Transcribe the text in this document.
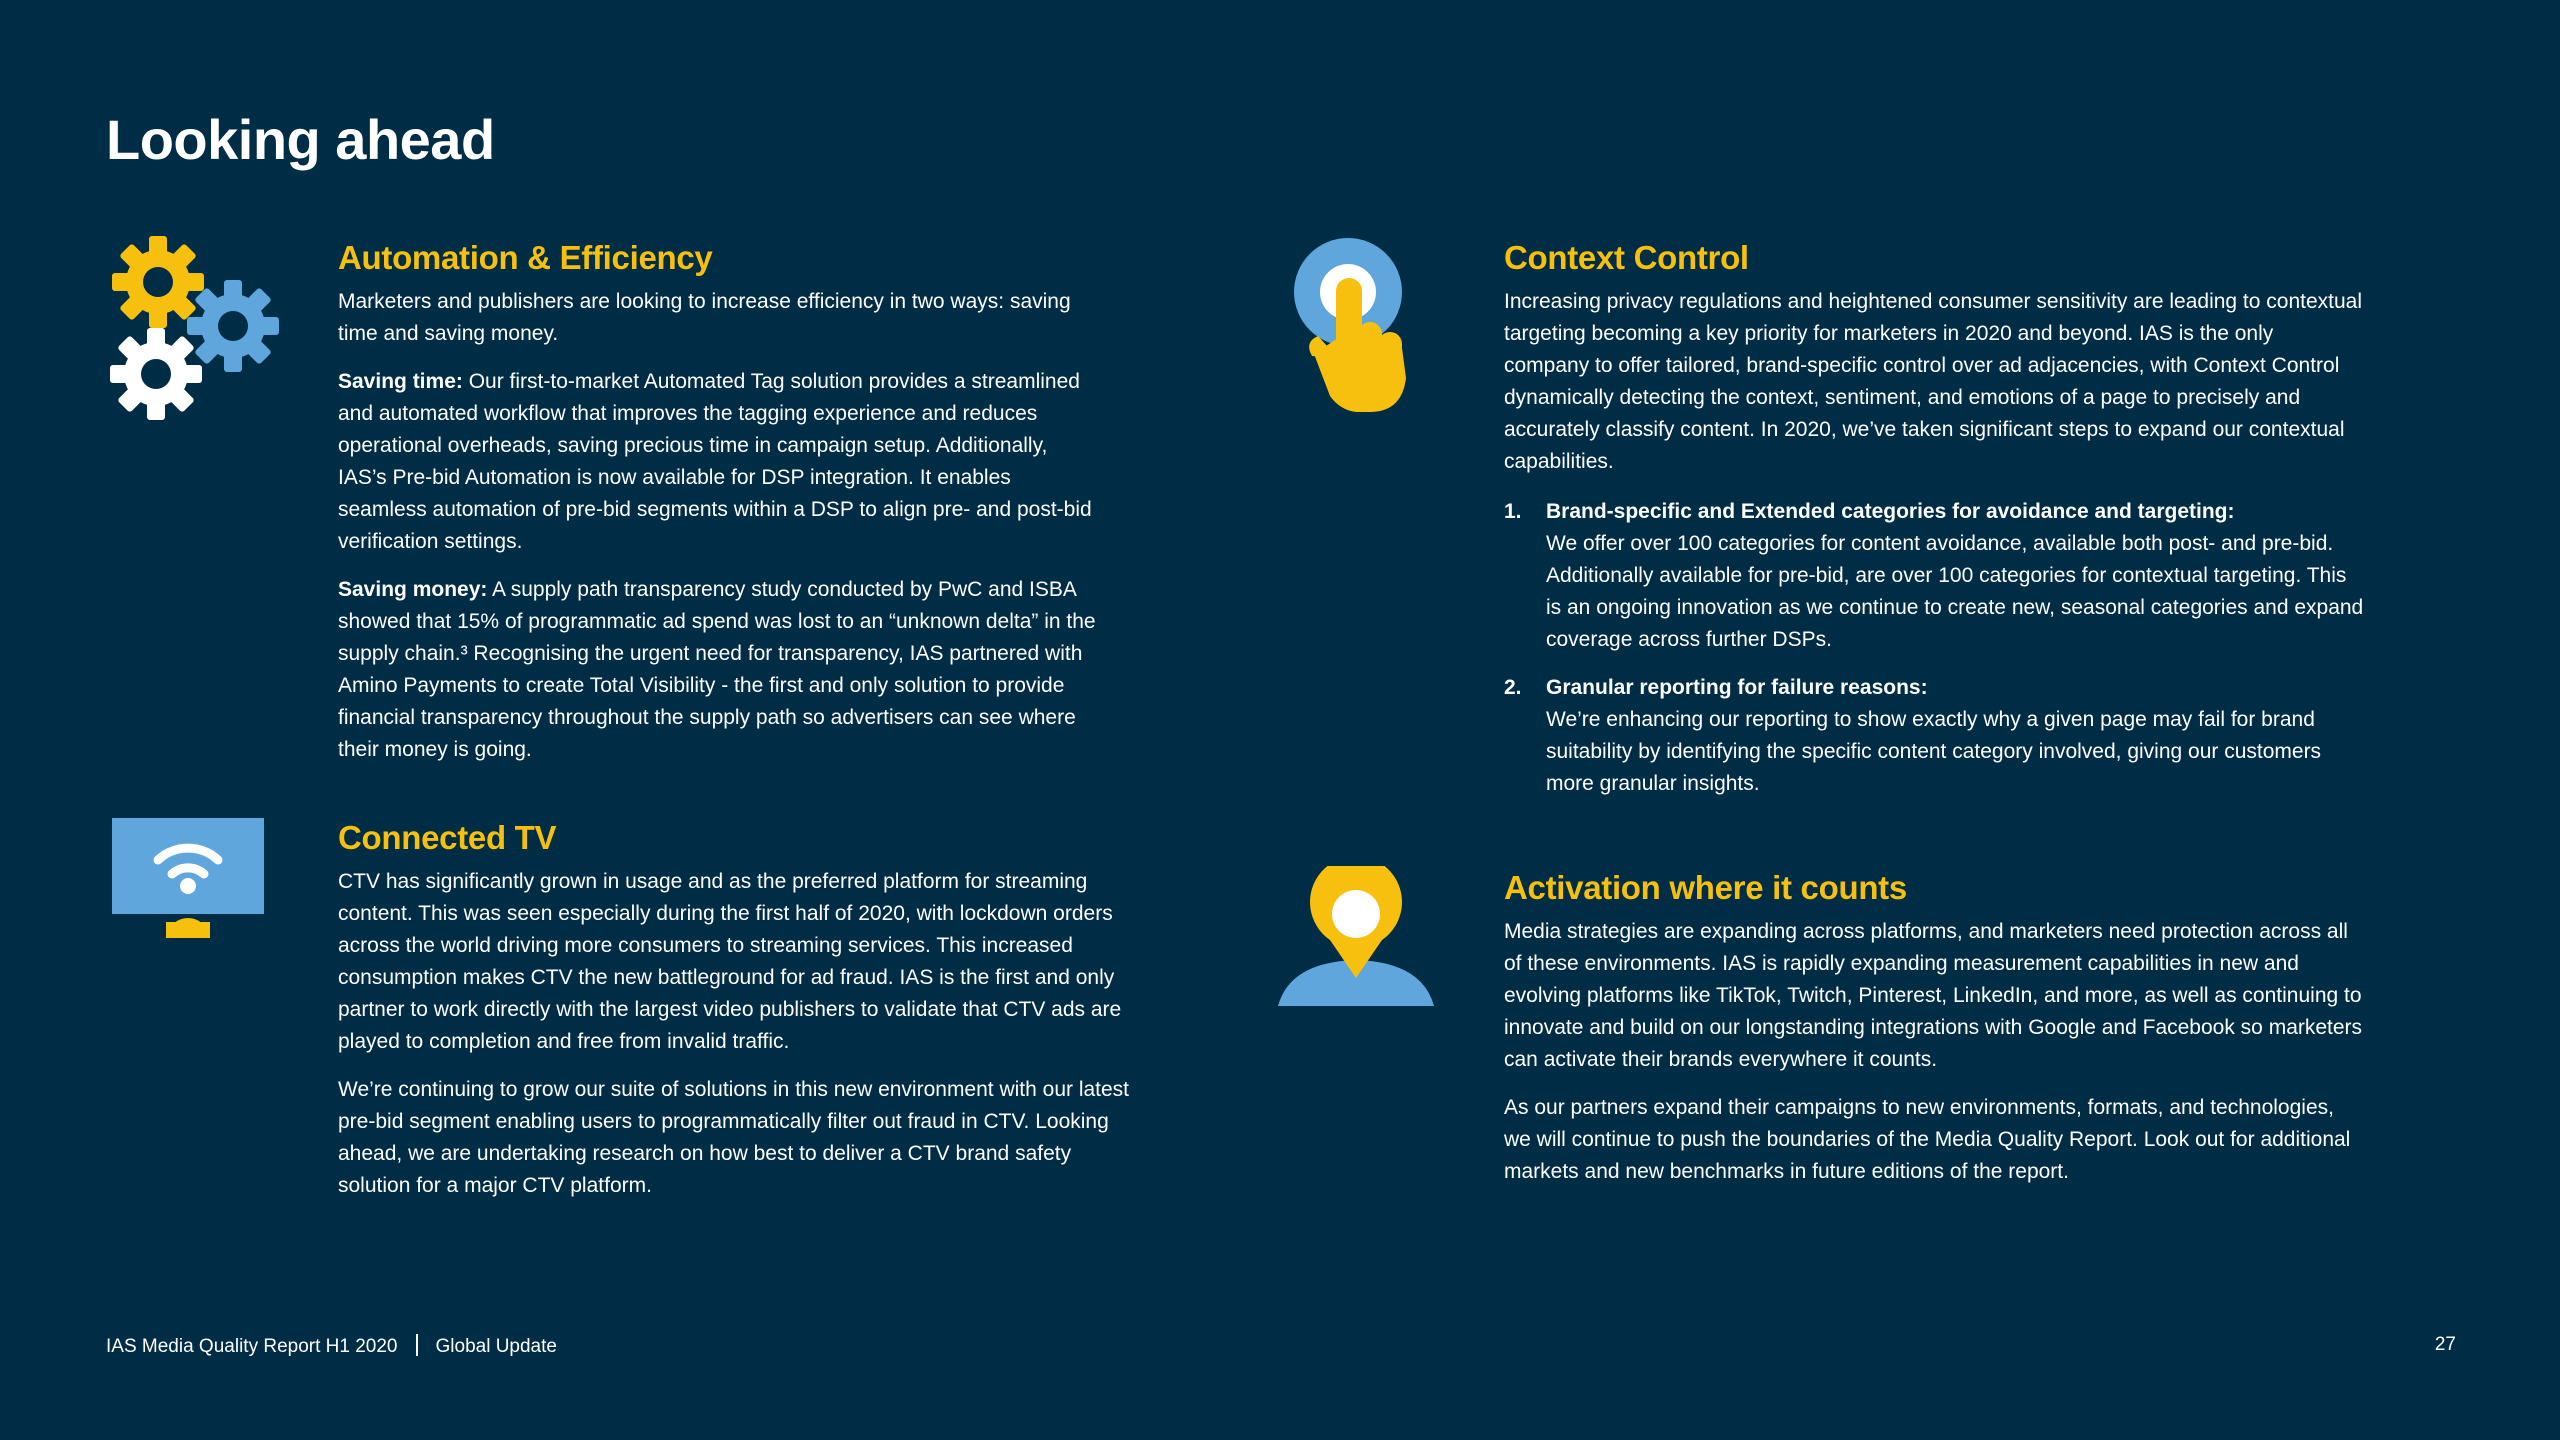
Looking ahead
Automation & Efficiency

Marketers and publishers are looking to increase efficiency in two ways: saving time and saving money.

Saving time: Our first-to-market Automated Tag solution provides a streamlined and automated workflow that improves the tagging experience and reduces operational overheads, saving precious time in campaign setup. Additionally, IAS’s Pre-bid Automation is now available for DSP integration. It enables seamless automation of pre-bid segments within a DSP to align pre- and post-bid verification settings.

Saving money: A supply path transparency study conducted by PwC and ISBA showed that 15% of programmatic ad spend was lost to an “unknown delta” in the supply chain.³ Recognising the urgent need for transparency, IAS partnered with Amino Payments to create Total Visibility - the first and only solution to provide financial transparency throughout the supply path so advertisers can see where their money is going.

Connected TV

CTV has significantly grown in usage and as the preferred platform for streaming content. This was seen especially during the first half of 2020, with lockdown orders across the world driving more consumers to streaming services. This increased consumption makes CTV the new battleground for ad fraud. IAS is the first and only partner to work directly with the largest video publishers to validate that CTV ads are played to completion and free from invalid traffic.

We’re continuing to grow our suite of solutions in this new environment with our latest pre-bid segment enabling users to programmatically filter out fraud in CTV. Looking ahead, we are undertaking research on how best to deliver a CTV brand safety solution for a major CTV platform.

Context Control

Increasing privacy regulations and heightened consumer sensitivity are leading to contextual targeting becoming a key priority for marketers in 2020 and beyond. IAS is the only company to offer tailored, brand-specific control over ad adjacencies, with Context Control dynamically detecting the context, sentiment, and emotions of a page to precisely and accurately classify content. In 2020, we’ve taken significant steps to expand our contextual capabilities.

1. Brand-specific and Extended categories for avoidance and targeting:
We offer over 100 categories for content avoidance, available both post- and pre-bid. Additionally available for pre-bid, are over 100 categories for contextual targeting. This is an ongoing innovation as we continue to create new, seasonal categories and expand coverage across further DSPs.
2. Granular reporting for failure reasons:
We’re enhancing our reporting to show exactly why a given page may fail for brand suitability by identifying the specific content category involved, giving our customers more granular insights.
Activation where it counts

Media strategies are expanding across platforms, and marketers need protection across all of these environments. IAS is rapidly expanding measurement capabilities in new and evolving platforms like TikTok, Twitch, Pinterest, LinkedIn, and more, as well as continuing to innovate and build on our longstanding integrations with Google and Facebook so marketers can activate their brands everywhere it counts.

As our partners expand their campaigns to new environments, formats, and technologies, we will continue to push the boundaries of the Media Quality Report. Look out for additional markets and new benchmarks in future editions of the report.

IAS Media Quality Report H1 2020 Global Update	27
